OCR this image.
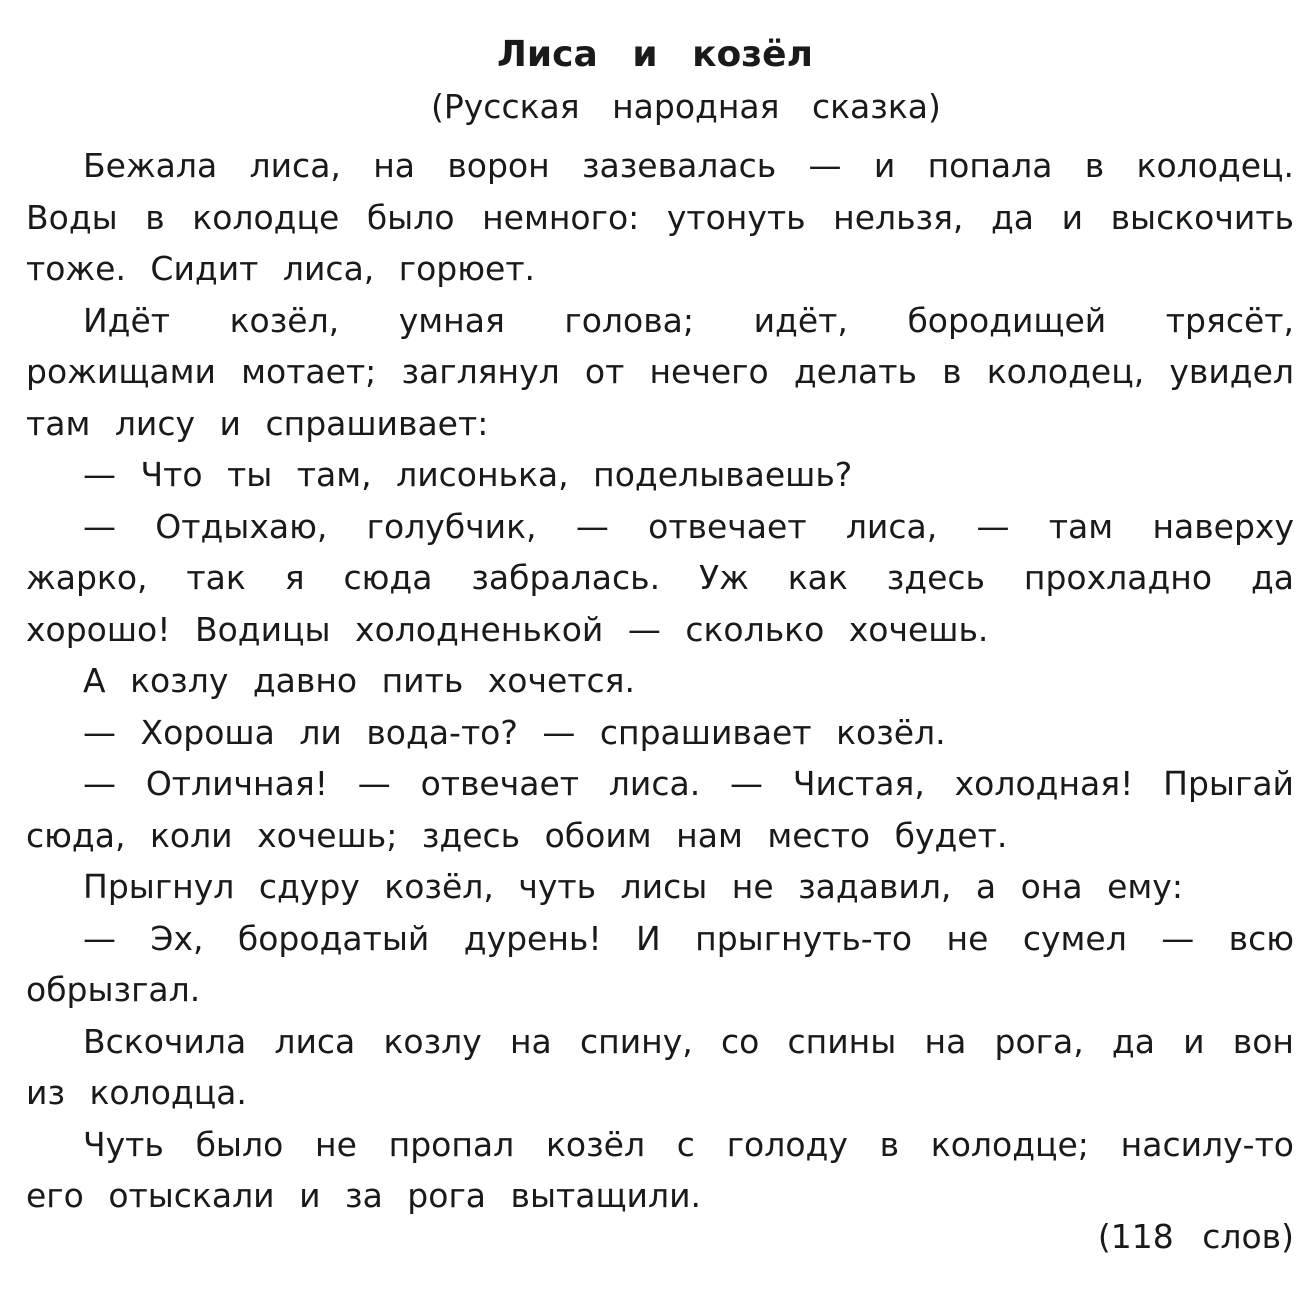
Лиса и козёл

(Русская народная сказка)

Бежала лиса, на ворон зазевалась — и попала в колодец. Воды в колодце было немного: утонуть нельзя, да и выскочить тоже. Сидит лиса, горюет.

Идёт козёл, умная голова; идёт, бородищей трясёт, рожищами мотает; заглянул от нечего делать в колодец, увидел там лису и спрашивает:

— Что ты там, лисонька, поделываешь?

— Отдыхаю, голубчик, — отвечает лиса, — там наверху жарко, так я сюда забралась. Уж как здесь прохладно да хорошо! Водицы холодненькой — сколько хочешь.

А козлу давно пить хочется.

— Хороша ли вода-то? — спрашивает козёл.

— Отличная! — отвечает лиса. — Чистая, холодная! Прыгай сюда, коли хочешь; здесь обоим нам место будет.

Прыгнул сдуру козёл, чуть лисы не задавил, а она ему:

— Эх, бородатый дурень! И прыгнуть-то не сумел — всю обрызгал.

Вскочила лиса козлу на спину, со спины на рога, да и вон из колодца.

Чуть было не пропал козёл с голоду в колодце; насилу-то его отыскали и за рога вытащили.

(118 слов)
